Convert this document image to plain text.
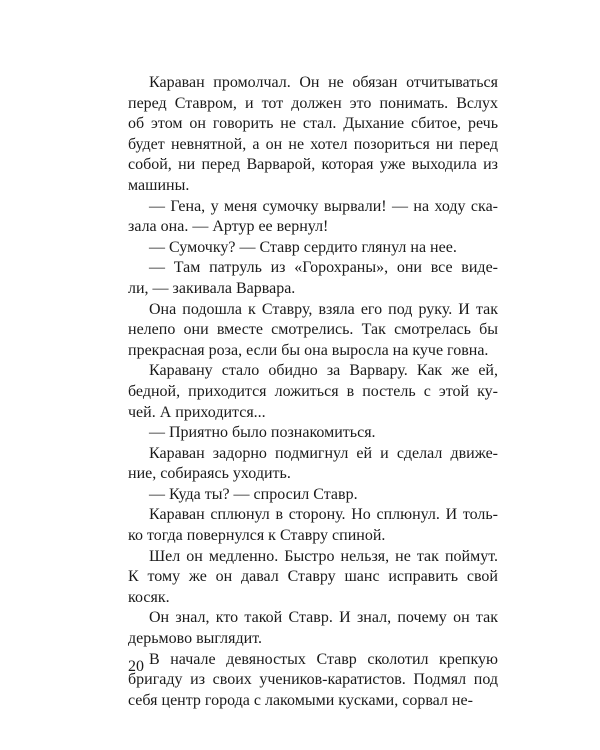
Караван промолчал. Он не обязан отчитываться
перед Ставром, и тот должен это понимать. Вслух
об этом он говорить не стал. Дыхание сбитое, речь
будет невнятной, а он не хотел позориться ни перед
собой, ни перед Варварой, которая уже выходила из
машины.
— Гена, у меня сумочку вырвали! — на ходу ска-
зала она. — Артур ее вернул!
— Сумочку? — Ставр сердито глянул на нее.
— Там патруль из «Горохраны», они все виде-
ли, — закивала Варвара.
Она подошла к Ставру, взяла его под руку. И так
нелепо они вместе смотрелись. Так смотрелась бы
прекрасная роза, если бы она выросла на куче говна.
Каравану стало обидно за Варвару. Как же ей,
бедной, приходится ложиться в постель с этой ку-
чей. А приходится...
— Приятно было познакомиться.
Караван задорно подмигнул ей и сделал движе-
ние, собираясь уходить.
— Куда ты? — спросил Ставр.
Караван сплюнул в сторону. Но сплюнул. И толь-
ко тогда повернулся к Ставру спиной.
Шел он медленно. Быстро нельзя, не так поймут.
К тому же он давал Ставру шанс исправить свой
косяк.
Он знал, кто такой Ставр. И знал, почему он так
дерьмово выглядит.
В начале девяностых Ставр сколотил крепкую
бригаду из своих учеников-каратистов. Подмял под
себя центр города с лакомыми кусками, сорвал не-
20
